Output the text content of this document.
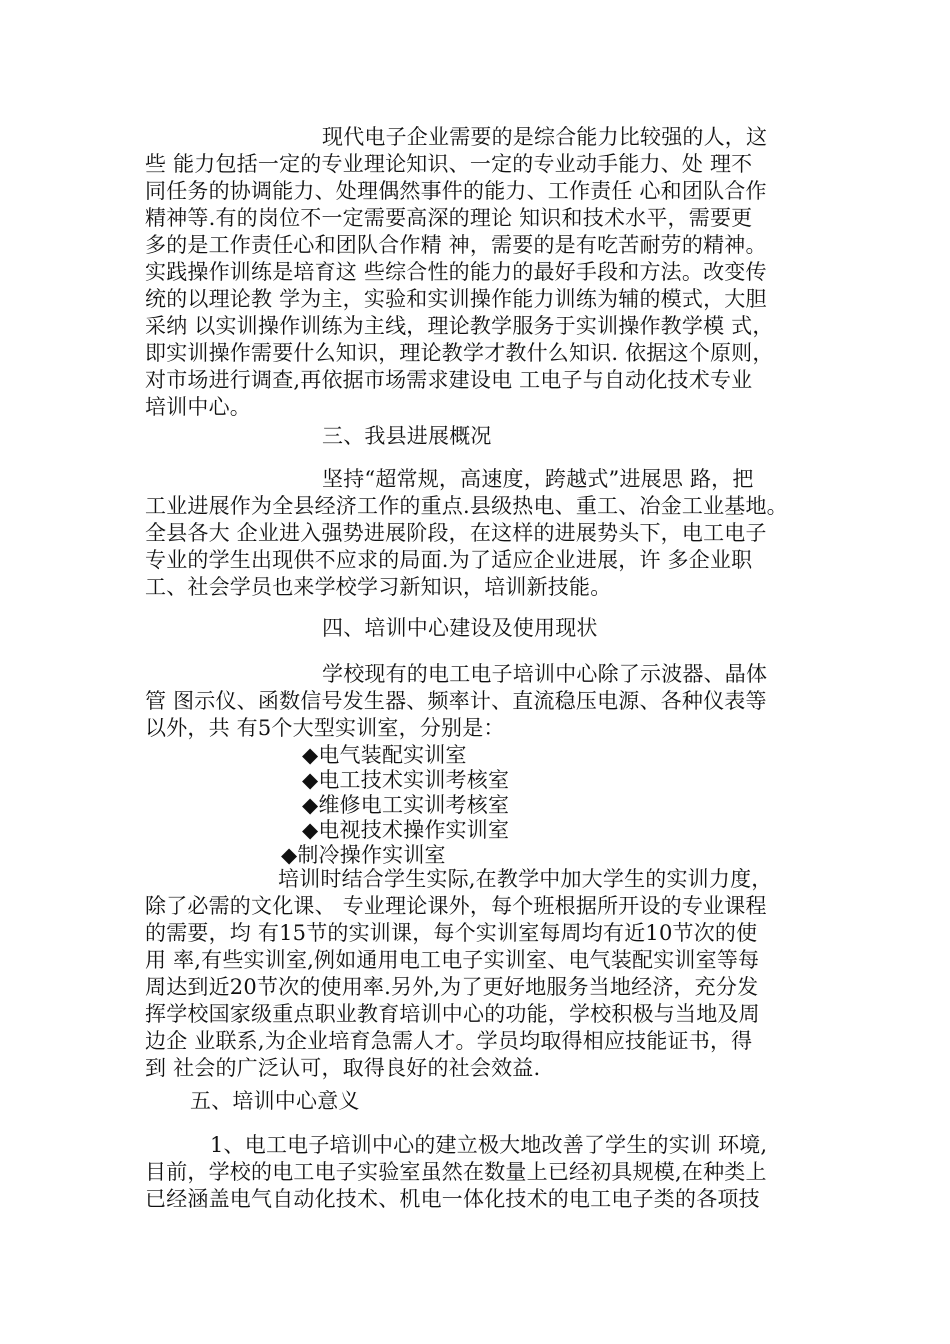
现代电子企业需要的是综合能力比较强的人，这
些 能力包括一定的专业理论知识、一定的专业动手能力、处 理不
同任务的协调能力、处理偶然事件的能力、工作责任 心和团队合作
精神等.有的岗位不一定需要高深的理论 知识和技术水平，需要更
多的是工作责任心和团队合作精 神，需要的是有吃苦耐劳的精神。
实践操作训练是培育这 些综合性的能力的最好手段和方法。改变传
统的以理论教 学为主，实验和实训操作能力训练为辅的模式，大胆
采纳 以实训操作训练为主线，理论教学服务于实训操作教学模 式，
即实训操作需要什么知识，理论教学才教什么知识. 依据这个原则，
对市场进行调查,再依据市场需求建设电 工电子与自动化技术专业
培训中心。
三、我县进展概况
坚持“超常规，高速度，跨越式”进展思 路，把
工业进展作为全县经济工作的重点.县级热电、重工、冶金工业基地。
全县各大 企业进入强势进展阶段，在这样的进展势头下，电工电子
专业的学生出现供不应求的局面.为了适应企业进展，许 多企业职
工、社会学员也来学校学习新知识，培训新技能。
四、培训中心建设及使用现状
学校现有的电工电子培训中心除了示波器、晶体
管 图示仪、函数信号发生器、频率计、直流稳压电源、各种仪表等
以外，共 有5个大型实训室，分别是：
◆电气装配实训室
◆电工技术实训考核室
◆维修电工实训考核室
◆电视技术操作实训室
◆制冷操作实训室
培训时结合学生实际,在教学中加大学生的实训力度，
除了必需的文化课、 专业理论课外，每个班根据所开设的专业课程
的需要，均 有15节的实训课，每个实训室每周均有近10节次的使
用 率,有些实训室,例如通用电工电子实训室、电气装配实训室等每
周达到近20节次的使用率.另外,为了更好地服务当地经济，充分发
挥学校国家级重点职业教育培训中心的功能，学校积极与当地及周
边企 业联系,为企业培育急需人才。学员均取得相应技能证书，得
到 社会的广泛认可，取得良好的社会效益.
五、培训中心意义
1、电工电子培训中心的建立极大地改善了学生的实训 环境,
目前，学校的电工电子实验室虽然在数量上已经初具规模,在种类上
已经涵盖电气自动化技术、机电一体化技术的电工电子类的各项技
